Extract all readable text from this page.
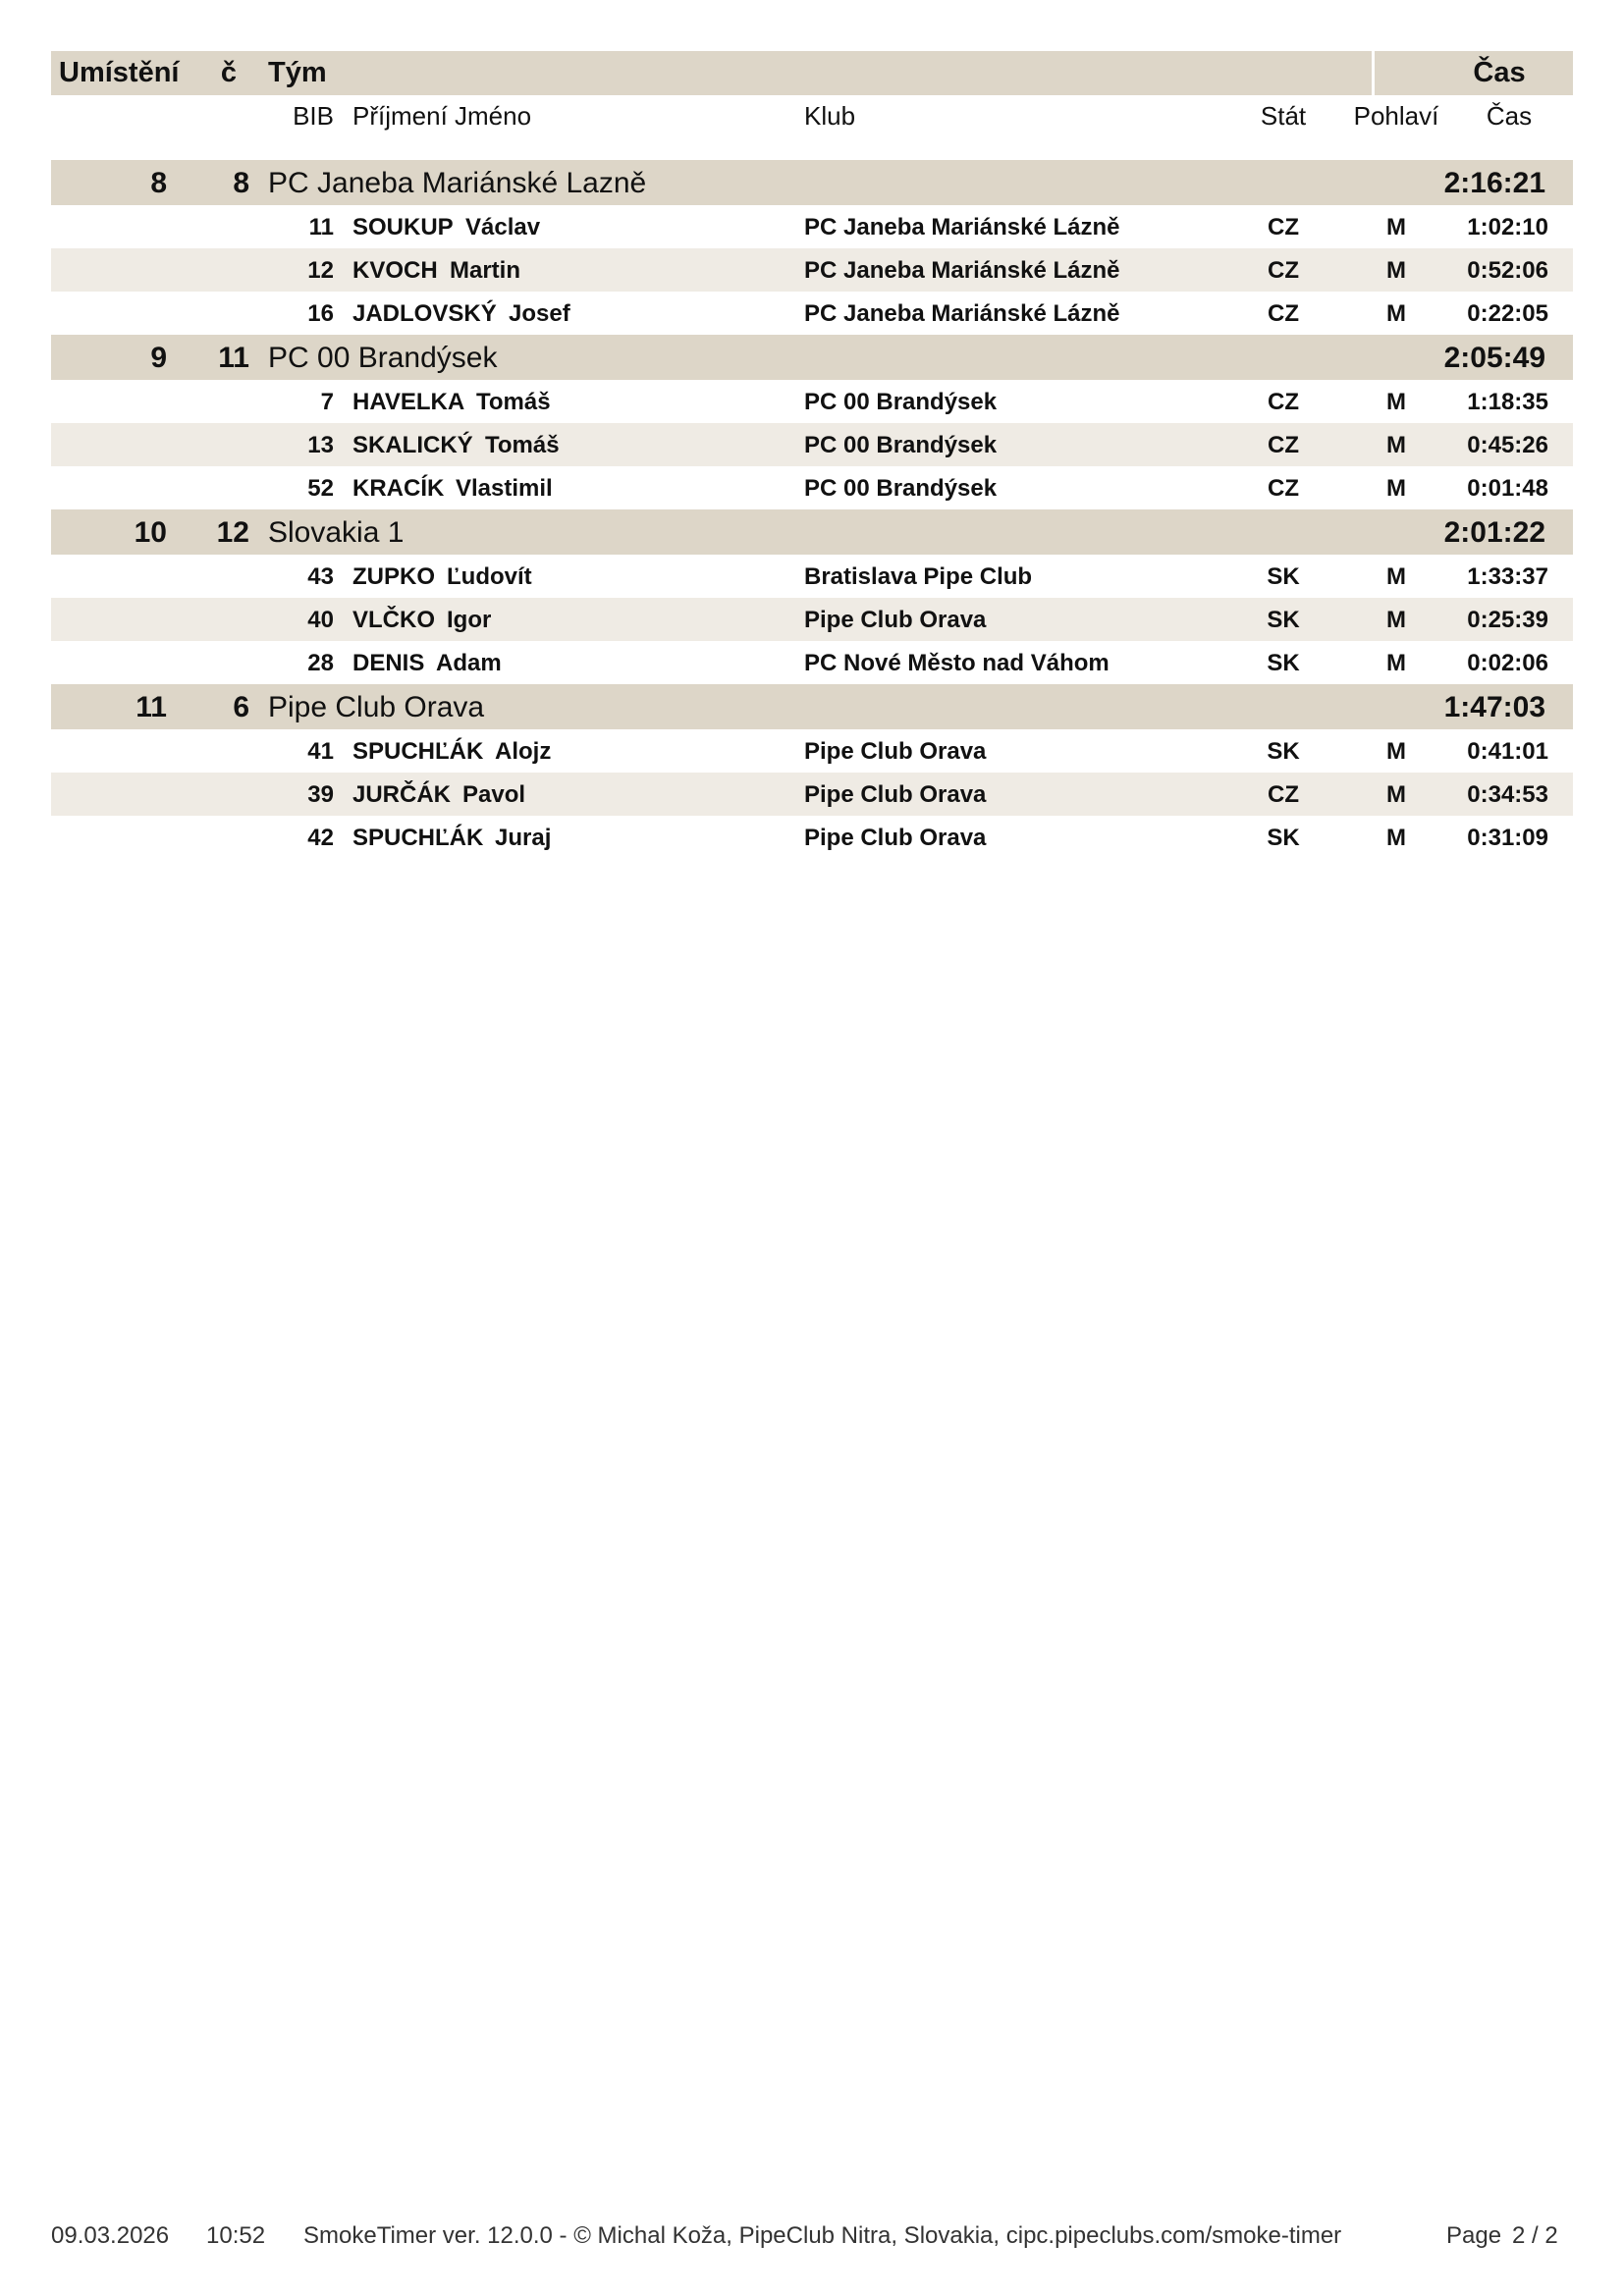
Umístění	č	Tým	Čas
BIB Příjmení Jméno	Klub	Stát	Pohlaví	Čas
8	8 PC Janeba Mariánské Lazně	2:16:21
11 SOUKUP Václav	PC Janeba Mariánské Lázně	CZ	M	1:02:10
12 KVOCH Martin	PC Janeba Mariánské Lázně	CZ	M	0:52:06
16 JADLOVSKÝ Josef	PC Janeba Mariánské Lázně	CZ	M	0:22:05
9	11 PC 00 Brandýsek	2:05:49
7 HAVELKA Tomáš	PC 00 Brandýsek	CZ	M	1:18:35
13 SKALICKÝ Tomáš	PC 00 Brandýsek	CZ	M	0:45:26
52 KRACÍK Vlastimil	PC 00 Brandýsek	CZ	M	0:01:48
10	12 Slovakia 1	2:01:22
43 ZUPKO Ľudovít	Bratislava Pipe Club	SK	M	1:33:37
40 VLČKO Igor	Pipe Club Orava	SK	M	0:25:39
28 DENIS Adam	PC Nové Město nad Váhom	SK	M	0:02:06
11	6 Pipe Club Orava	1:47:03
41 SPUCHĽÁK Alojz	Pipe Club Orava	SK	M	0:41:01
39 JURČÁK Pavol	Pipe Club Orava	CZ	M	0:34:53
42 SPUCHĽÁK Juraj	Pipe Club Orava	SK	M	0:31:09
09.03.2026 10:52 SmokeTimer ver. 12.0.0 - © Michal Koža, PipeClub Nitra, Slovakia, cipc.pipeclubs.com/smoke-timer	Page 2 / 2
